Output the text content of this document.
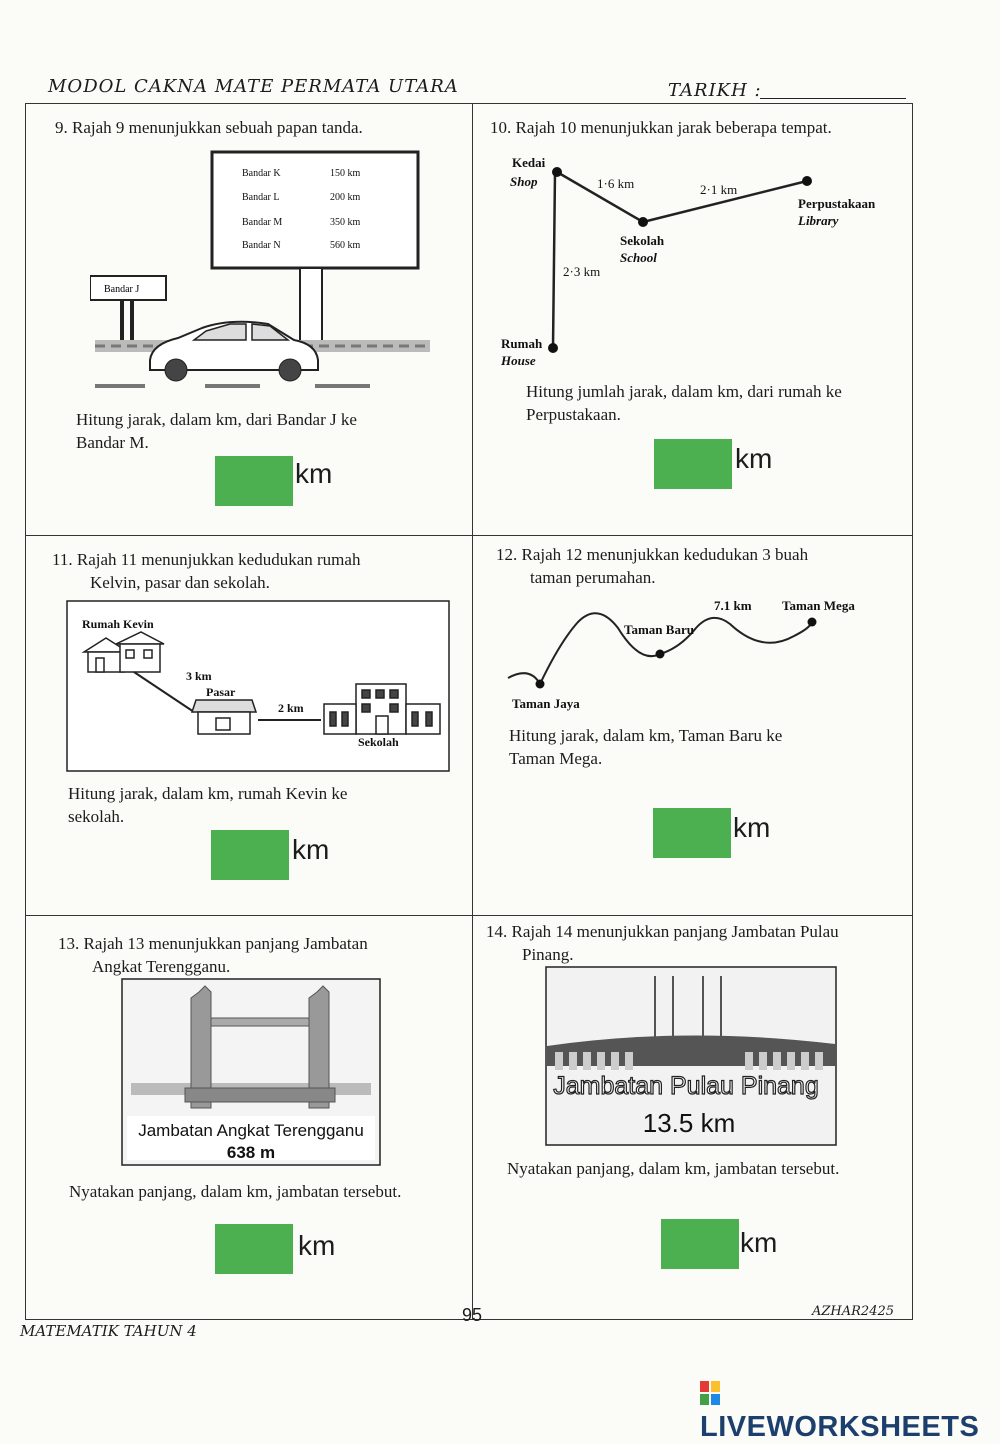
MODOL CAKNA MATE PERMATA UTARA	TARIKH :
9. Rajah 9 menunjukkan sebuah papan tanda.
Bandar K	150 km
Bandar L	200 km
Bandar M	350 km
Bandar N	560 km
Bandar J
Hitung jarak, dalam km, dari Bandar J ke
Bandar M.
km
10. Rajah 10 menunjukkan jarak beberapa tempat.
Kedai
Shop
Sekolah
School
Perpustakaan
Library
Rumah
House
1·6 km	2·1 km
2·3 km
Hitung jumlah jarak, dalam km, dari rumah ke
Perpustakaan.
km
11. Rajah 11 menunjukkan kedudukan rumah
Kelvin, pasar dan sekolah.
Rumah Kevin
Pasar
Sekolah
3 km
2 km
Hitung jarak, dalam km, rumah Kevin ke
sekolah.
km
12. Rajah 12 menunjukkan kedudukan 3 buah
taman perumahan.
Taman Jaya
Taman Baru
Taman Mega
7.1 km
Hitung jarak, dalam km, Taman Baru ke
Taman Mega.
km
13. Rajah 13 menunjukkan panjang Jambatan
Angkat Terengganu.
Jambatan Angkat Terengganu
638 m
Nyatakan panjang, dalam km, jambatan tersebut.
km
14. Rajah 14 menunjukkan panjang Jambatan Pulau
Pinang.
Jambatan Pulau Pinang
13.5 km
Nyatakan panjang, dalam km, jambatan tersebut.
km
MATEMATIK TAHUN 4
95	AZHAR2425
LIVEWORKSHEETS
